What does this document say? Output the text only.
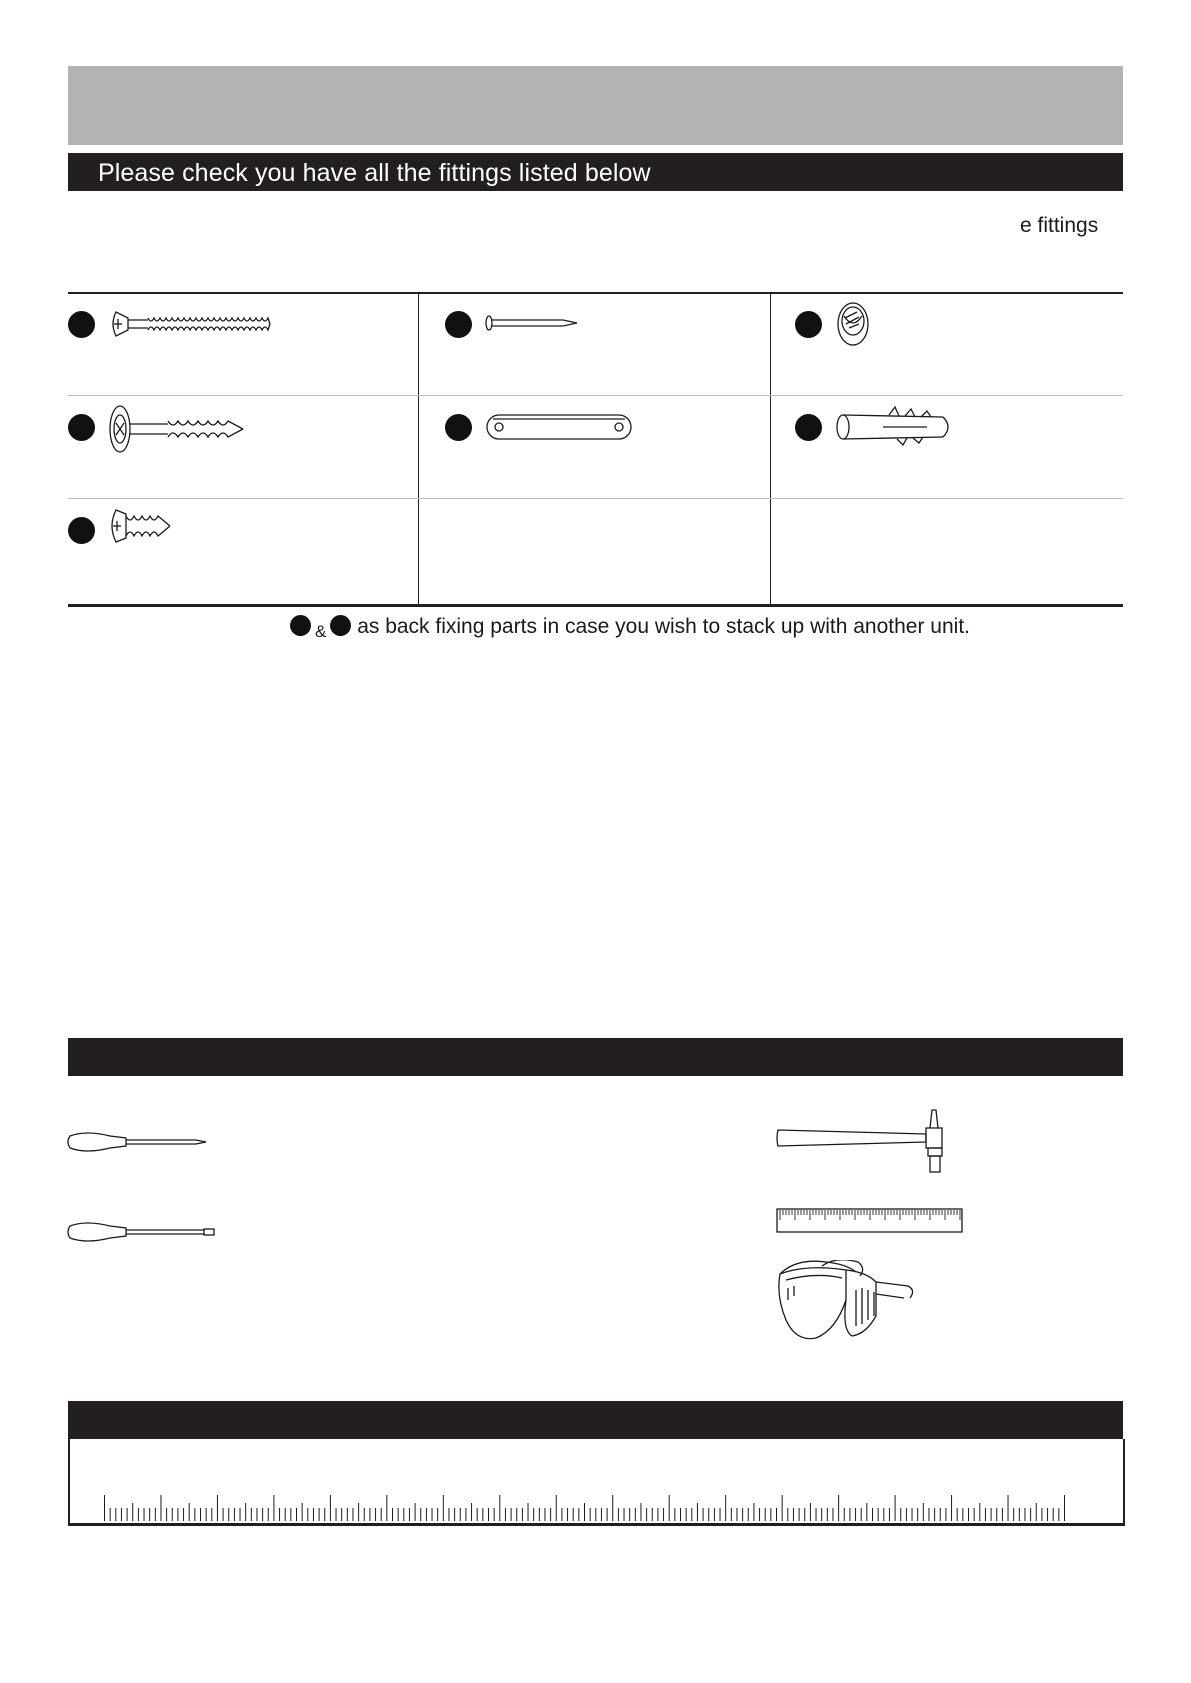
Please check you have all the fittings listed below
e fittings
& as back fixing parts in case you wish to stack up with another unit.
